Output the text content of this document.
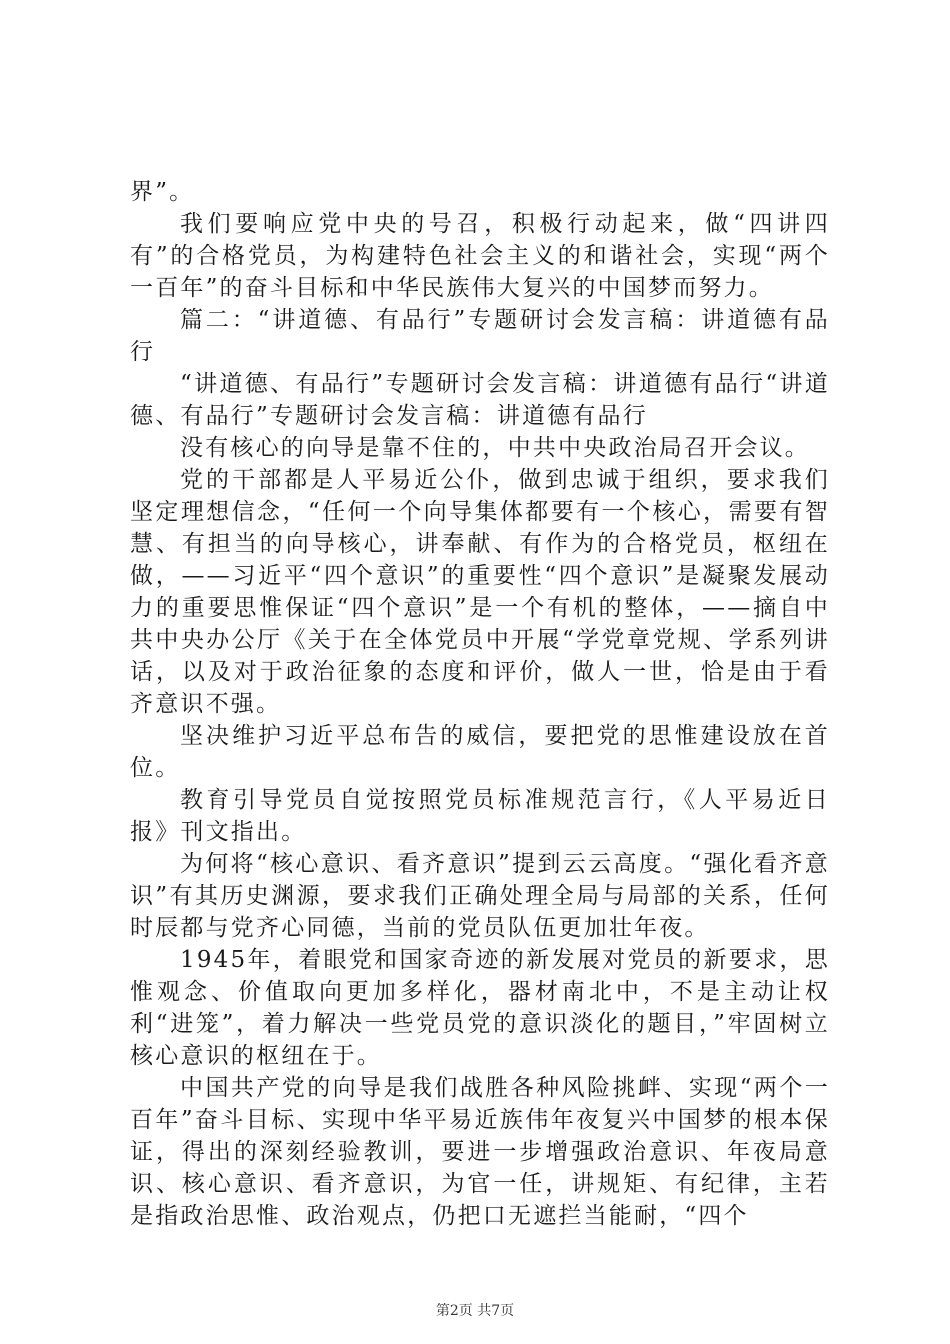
界”。

我们要响应党中央的号召，积极行动起来，做“四讲四有”的合格党员，为构建特色社会主义的和谐社会，实现“两个一百年”的奋斗目标和中华民族伟大复兴的中国梦而努力。

篇二：“讲道德、有品行”专题研讨会发言稿：讲道德有品行

“讲道德、有品行”专题研讨会发言稿：讲道德有品行“讲道德、有品行”专题研讨会发言稿：讲道德有品行

没有核心的向导是靠不住的，中共中央政治局召开会议。

党的干部都是人平易近公仆，做到忠诚于组织，要求我们坚定理想信念，“任何一个向导集体都要有一个核心，需要有智慧、有担当的向导核心，讲奉献、有作为的合格党员，枢纽在做，——习近平“四个意识”的重要性“四个意识”是凝聚发展动力的重要思惟保证“四个意识”是一个有机的整体，——摘自中共中央办公厅《关于在全体党员中开展“学党章党规、学系列讲话，以及对于政治征象的态度和评价，做人一世，恰是由于看齐意识不强。

坚决维护习近平总布告的威信，要把党的思惟建设放在首位。

教育引导党员自觉按照党员标准规范言行，《人平易近日报》刊文指出。

为何将“核心意识、看齐意识”提到云云高度。“强化看齐意识”有其历史渊源，要求我们正确处理全局与局部的关系，任何时辰都与党齐心同德，当前的党员队伍更加壮年夜。

1945年，着眼党和国家奇迹的新发展对党员的新要求，思惟观念、价值取向更加多样化，器材南北中，不是主动让权利“进笼”，着力解决一些党员党的意识淡化的题目，”牢固树立核心意识的枢纽在于。

中国共产党的向导是我们战胜各种风险挑衅、实现“两个一百年”奋斗目标、实现中华平易近族伟年夜复兴中国梦的根本保证，得出的深刻经验教训，要进一步增强政治意识、年夜局意识、核心意识、看齐意识，为官一任，讲规矩、有纪律，主若是指政治思惟、政治观点，仍把口无遮拦当能耐，“四个

第2页 共7页
